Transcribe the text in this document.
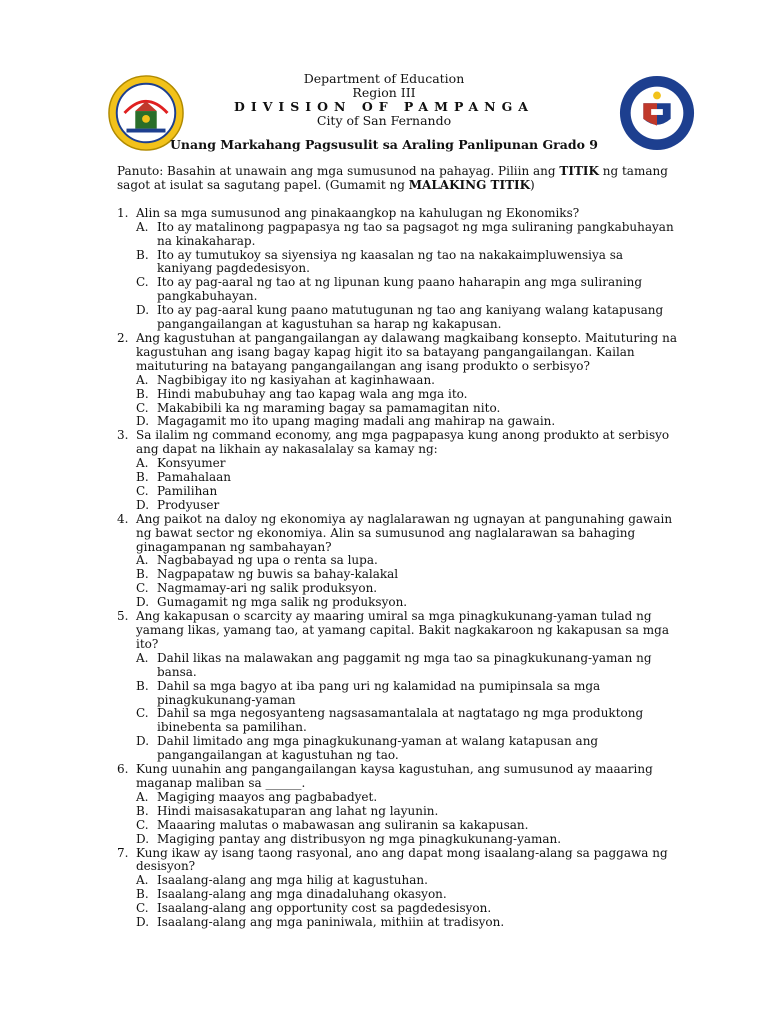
Department of Education
Region III
DIVISION OF PAMPANGA
City of San Fernando
Unang Markahang Pagsusulit sa Araling Panlipunan Grado 9
Panuto: Basahin at unawain ang mga sumusunod na pahayag. Piliin ang TITIK ng tamang sagot at isulat sa sagutang papel. (Gumamit ng MALAKING TITIK)
1. Alin sa mga sumusunod ang pinakaangkop na kahulugan ng Ekonomiks?
A. Ito ay matalinong pagpapasya ng tao sa pagsagot ng mga suliraning pangkabuhayan na kinakaharap.
B. Ito ay tumutukoy sa siyensiya ng kaasalan ng tao na nakakaimpluwensiya sa kaniyang pagdedesisyon.
C. Ito ay pag-aaral ng tao at ng lipunan kung paano haharapin ang mga suliraning pangkabuhayan.
D. Ito ay pag-aaral kung paano matutugunan ng tao ang kaniyang walang katapusang pangangailangan at kagustuhan sa harap ng kakapusan.
2. Ang kagustuhan at pangangailangan ay dalawang magkaibang konsepto. Maituturing na kagustuhan ang isang bagay kapag higit ito sa batayang pangangailangan. Kailan maituturing na batayang pangangailangan ang isang produkto o serbisyo?
A. Nagbibigay ito ng kasiyahan at kaginhawaan.
B. Hindi mabubuhay ang tao kapag wala ang mga ito.
C. Makabibili ka ng maraming bagay sa pamamagitan nito.
D. Magagamit mo ito upang maging madali ang mahirap na gawain.
3. Sa ilalim ng command economy, ang mga pagpapasya kung anong produkto at serbisyo ang dapat na likhain ay nakasalalay sa kamay ng:
A. Konsyumer
B. Pamahalaan
C. Pamilihan
D. Prodyuser
4. Ang paikot na daloy ng ekonomiya ay naglalarawan ng ugnayan at pangunahing gawain ng bawat sector ng ekonomiya. Alin sa sumusunod ang naglalarawan sa bahaging ginagampanan ng sambahayan?
A. Nagbabayad ng upa o renta sa lupa.
B. Nagpapataw ng buwis sa bahay-kalakal
C. Nagmamay-ari ng salik produksyon.
D. Gumagamit ng mga salik ng produksyon.
5. Ang kakapusan o scarcity ay maaring umiral sa mga pinagkukunang-yaman tulad ng yamang likas, yamang tao, at yamang capital. Bakit nagkakaroon ng kakapusan sa mga ito?
A. Dahil likas na malawakan ang paggamit ng mga tao sa pinagkukunang-yaman ng bansa.
B. Dahil sa mga bagyo at iba pang uri ng kalamidad na pumipinsala sa mga pinagkukunang-yaman
C. Dahil sa mga negosyanteng nagsasamantalala at nagtatago ng mga produktong ibinebenta sa pamilihan.
D. Dahil limitado ang mga pinagkukunang-yaman at walang katapusan ang pangangailangan at kagustuhan ng tao.
6. Kung uunahin ang pangangailangan kaysa kagustuhan, ang sumusunod ay maaaring maganap maliban sa ______.
A. Magiging maayos ang pagbabadyet.
B. Hindi maisasakatuparan ang lahat ng layunin.
C. Maaaring malutas o mabawasan ang suliranin sa kakapusan.
D. Magiging pantay ang distribusyon ng mga pinagkukunang-yaman.
7. Kung ikaw ay isang taong rasyonal, ano ang dapat mong isaalang-alang sa paggawa ng desisyon?
A. Isaalang-alang ang mga hilig at kagustuhan.
B. Isaalang-alang ang mga dinadaluhang okasyon.
C. Isaalang-alang ang opportunity cost sa pagdedesisyon.
D. Isaalang-alang ang mga paniniwala, mithiin at tradisyon.
